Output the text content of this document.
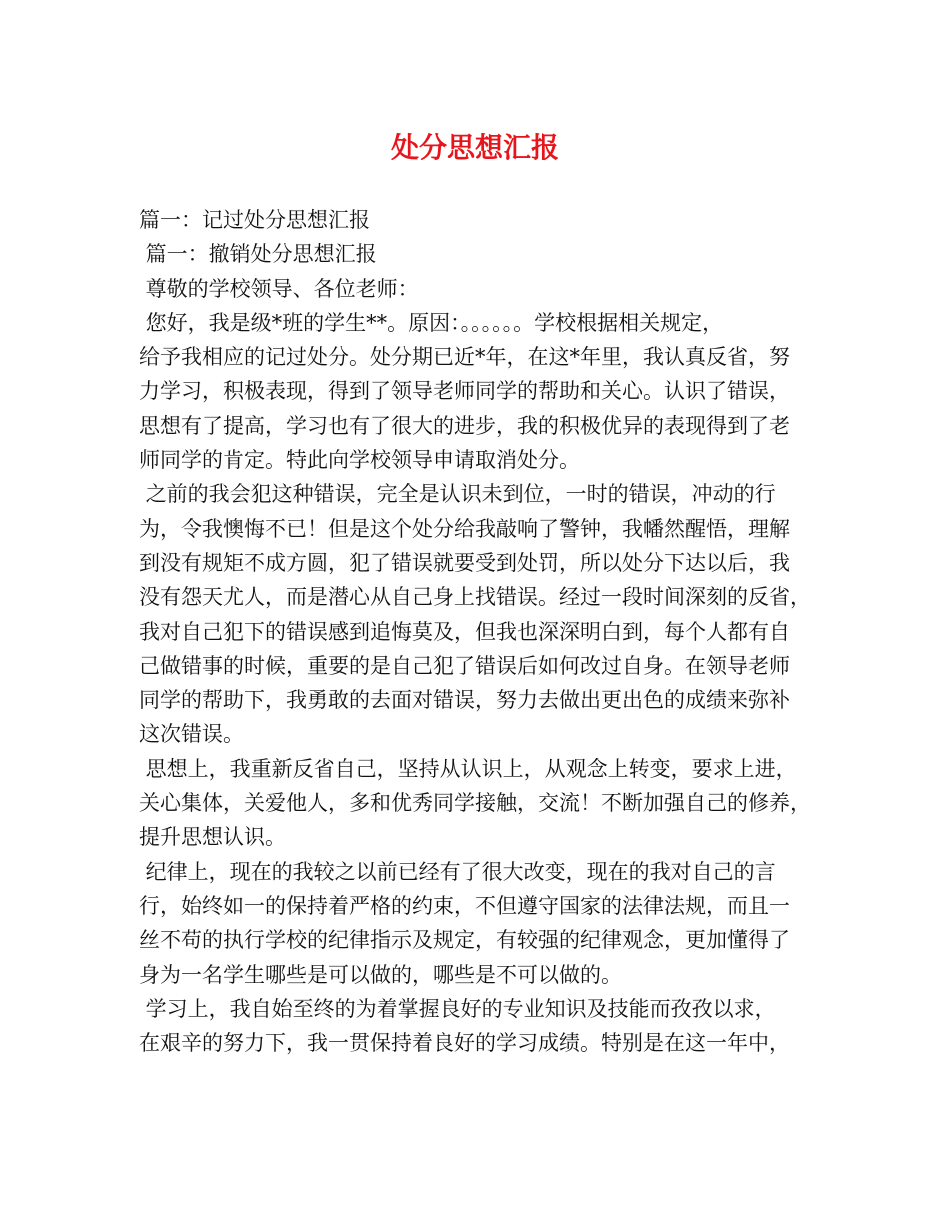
处分思想汇报
篇一：记过处分思想汇报
篇一：撤销处分思想汇报
尊敬的学校领导、各位老师：
您好，我是级*班的学生**。原因：。。。。。。学校根据相关规定，
给予我相应的记过处分。处分期已近*年，在这*年里，我认真反省，努
力学习，积极表现，得到了领导老师同学的帮助和关心。认识了错误，
思想有了提高，学习也有了很大的进步，我的积极优异的表现得到了老
师同学的肯定。特此向学校领导申请取消处分。
之前的我会犯这种错误，完全是认识未到位，一时的错误，冲动的行
为，令我懊悔不已！但是这个处分给我敲响了警钟，我幡然醒悟，理解
到没有规矩不成方圆，犯了错误就要受到处罚，所以处分下达以后，我
没有怨天尤人，而是潜心从自己身上找错误。经过一段时间深刻的反省，
我对自己犯下的错误感到追悔莫及，但我也深深明白到，每个人都有自
己做错事的时候，重要的是自己犯了错误后如何改过自身。在领导老师
同学的帮助下，我勇敢的去面对错误，努力去做出更出色的成绩来弥补
这次错误。
思想上，我重新反省自己，坚持从认识上，从观念上转变，要求上进，
关心集体，关爱他人，多和优秀同学接触，交流！不断加强自己的修养，
提升思想认识。
纪律上，现在的我较之以前已经有了很大改变，现在的我对自己的言
行，始终如一的保持着严格的约束，不但遵守国家的法律法规，而且一
丝不苟的执行学校的纪律指示及规定，有较强的纪律观念，更加懂得了
身为一名学生哪些是可以做的，哪些是不可以做的。
学习上，我自始至终的为着掌握良好的专业知识及技能而孜孜以求，
在艰辛的努力下，我一贯保持着良好的学习成绩。特别是在这一年中，
